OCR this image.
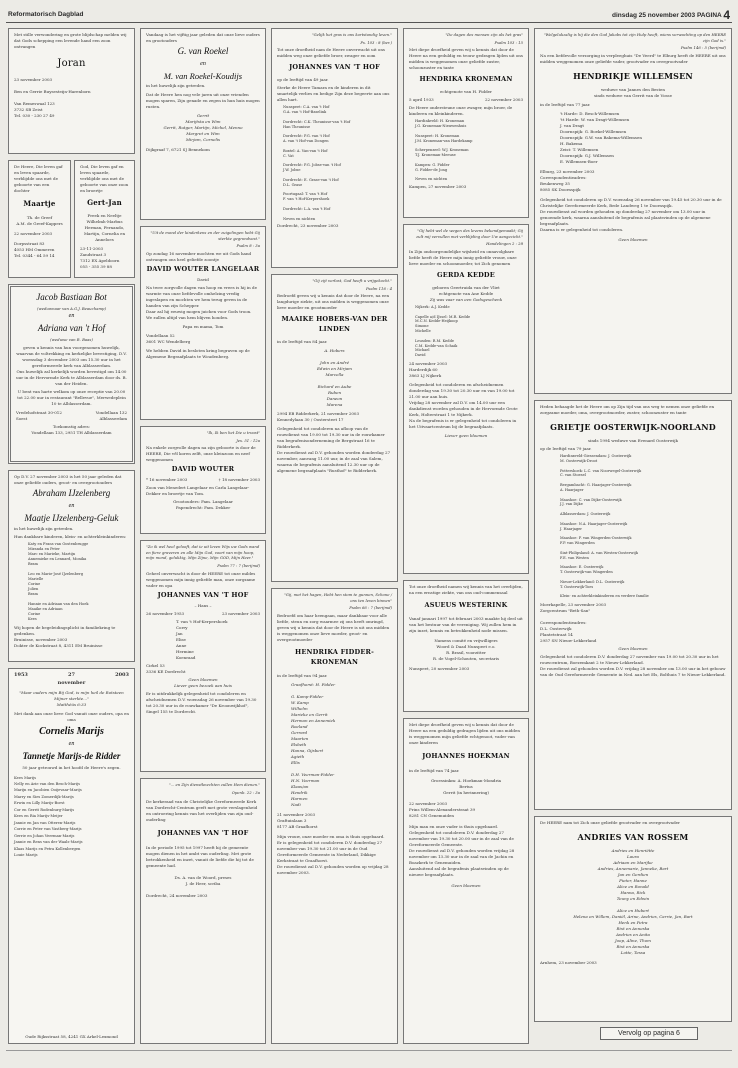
Reformatorisch Dagblad	dinsdag 25 november 2003 PAGINA 4
Met stille verwondering en grote blijdschap melden wij dat Gods schepping een levende hand een zoon ontvangen
Joran
23 november 2003
Ben en Gerrie Buysesteijn-Harenborn
Van Remeswaal 123
3732 SB Zeist
Tel. 030 - 230 27 49
De Heere, Die leven gaf en leven spaarde, verblijdde ons met de geboorte van een dochter
Maartje
Th. de Greef
A.M. de Greef-Kappers
22 november 2003
Dorpsstraat 83
4053 HM Ommeren
Tel. 0344 - 64 59 14
God, Die leven gaf en leven spaarde, verblijdde ons met de geboorte van onze zoon en broertje
Gert-Jan
Freek en Neeltje Wilhelmh-Marbus
Herman, Fernando, Martijn, Cornelia en Anneloes
23-11-2003
Zandstraat 3
7312 EX Apeldoorn
055 - 355 39 88
Jacob Bastiaan Bot
(weduwnaar van A.G.J. Beauchamp)
en
Adriana van 't Hof
(weduwe van R. Baas)
geven u kennis van hun voorgenomen huwelijk, waarvan de voltrekking en kerkelijke bevestiging, D.V. woensdag 3 december 2003 om 15.30 uur in het gereformeerde kerk van Alblasserdam.
Ons huwelijk zal kerkelijk worden bevestigd om 14.00 uur in de Hervormde Kerk te Alblasserdam door ds. B. van der Heiden.
U bent van harte welkom op onze receptie van 20.00 tot 22.00 uur in restaurant "Bellevue", Merwedeplein 10 te Alblasserdam.
Vredehofstraat 30-012
Soest
Vondellaan 132
Alblasserdam
Toekomstig adres:
Vondellaan 133, 2951 TH Alblasserdam
Op D.V. 27 november 2003 is het 50 jaar geleden dat onze geliefde ouders, groot- en overgrootouders
Abraham IJzelenberg
en
Maatje IJzelenberg-Geluk
in het huwelijk zijn getreden.
Hun dankbare kinderen, klein- en achterkleinkinderen:
Katy en Frans van Oostenbrugge
Miranda en Peter
Marc en Marieke, Martijn
Annemieke en Lennard, Monika
Bram

Leo en Marie-José IJzelenberg
Marielle
Corine
Jolien
Bram

Hannie en Adriaan van den Hoek
Maaike en Adriaan
Corine
Kees
Wij hopen de begeleidingsplicht in familiekring te gedenken.
Bruinisse, november 2003
Dokter de Kockstraat 8, 4311 EM Bruinisse
1953	27 november
2003
"Maar ouders mijn Bij God, is mijn heil de Rotsteen Mijner sterkte..."
Matthéüs 6:33
Met dank aan onze lieve God vanuit onze ouders, opa en oma
Cornelis Marijs
en
Tannetje Marijs-de Ridder
50 jaar getrouwd in het hoofd de Heere's zegen.
Kees Marijs
Nelly en Arie van den Besch-Marijs
Marijn en Jacobien Ooijevaar-Marijs
Marry en Sies Zomerdijk-Marijs
Erwin en Lilly Marijs-Borst
Cor en Gerrit Rodenburg-Marijs
Kees en Ria Marijs-Meijer
Jannie en Jan van Otteren-Marijs
Corrie en Peter van Vastberg-Marijs
Gerrie en Johan Veerman-Marijs
Jannie en Rens van der Waals-Marijs
Klaas Marijs en Petra Kollenbergen
Louie Marijs
Oude Rijksstraat 58, 4241 GX Arkel-Lexmond
Vandaag is het vijftig jaar geleden dat onze lieve ouders en grootouders
G. van Roekel
en
M. van Roekel-Koudijs
in het huwelijk zijn getreden.
Dat de Heere hen nog vele jaren uit onze vrienden mogen sparen, Zijn genade en zegen in hun huis mogen rusten.
Gerrit
Marijtsta en Wim
Gerrit, Rutger, Martijn, Michel, Menno
Margret en Wim
Mirjam, Cornelis
Dijkgraaf 7, 6721 SJ Bennekom
"Uit de mond der kinderkens en der zuigelingen hebt Gij sterkte gegrondvest."
Psalm 8 : 3a
Op zondag 16 november mochten we uit Gods hand ontvangen ons heel geliefde zoontje
DAVID WOUTER LANGELAAR
David
Na twee zorgvolle dagen van hoop en vrees is hij in de warmte van onze liefdevolle omhelzing vredig ingeslapen en mochten we hem terug geven in de handen van zijn Schepper.
Daar zal hij eeuwig mogen juichen voor Gods troon.
We zullen altijd van hem blijven houden.
Papa en mama, Tom
Vondellaan 52
3601 WC Wendelberg
We hebben David in besloten kring begraven op de Algemene Begraafplaats te Woudenberg.
"Ik, Ik ben het Die u troost"
Jes. 51 : 12a
Na enkele zorgvolle dagen na zijn geboorte is door de HEERE, Die vêl koren zelft, onze kleinzoon en neef weggenomen
DAVID WOUTER
* 16 november 2003	† 18 november 2003
Zoon van Menedert Langelaar en Carla Langelaar-Dekker en broertje van Tom.
Grootouders: Fam. Langelaar
Papendrecht: Fam. Dekker
"Zo ik wel heel gelooft, dat ie uit leven Wijs uw Gods wand en fiere graveren en alle Mijn God, voort van mijn hoop, mijn mond, gelukkig, Mijn Zijne, Mijn GOD, Mijn Heer."
Psalm 77 : 7 (berijmd)
Geheel onverwacht is door de HEERE tot onze mildes weggenomen mijn innig geliefde man, onze zorgzame vader en opa
JOHANNES VAN 'T HOF
– Hans –
26 november 1953	23 november 2003
T. van 't Hof-Kerpershoek
Corry
Jan
Elise
Anne
Hermine
Koenraad
Cirkel 53
3336 KE Dordrecht
Geen bloemen
Liever geen bezoek aan huis
Er is uitdrukkelijk gelegenheid tot condoleren en afscheidnemen D.V. woensdag 26 november van 19.30 tot 20.30 uur in de rouwkamer "De Kroonwijkhof", Singel 155 te Dordrecht.
"... en Zijn dienstknechten zullen Hem dienen."
Openb. 22 : 3a
De kerkeraad van de Christelijke Gereformeerde Kerk van Dordrecht-Centrum geeft met grote verslagenheid en ontroering kennis van het overlijden van zijn oud-ouderling
JOHANNES VAN 'T HOF
In de periode 1995 tot 1997 heeft hij de gemeente mogen dienen in het ambt van ouderling. Met grote betrokkenheid en inzet, vanuit de liefde die hij tot de gemeente had.
Ds. A. van de Woord, preses
J. de Heer, scriba
Dordrecht, 24 november 2003
"Gelijk het gras is ons kortstondig leven."
Ps. 103 : 8 (ber.)
Tot onze droefheid nam de Heere onverwacht uit ons midden weg onze geliefde broer, zwager en oom
JOHANNES VAN 'T HOF
op de leeftijd van 49 jaar.
Sterke de Heere Tamara en de kinderen in dit smartelijk verlies en bedige Zijn deze begeerte aan ons allen hart.
Nunspeet: C.A. van 't Hof
G.A. van 't Hof-Baselink

Dordrecht: C.K. Theunisse-van 't Hof
Han Theunisse

Dordrecht: P.G. van 't Hof
A. van 't Hof-van Dongen

Boxtel: A. Van-van 't Hof
C. Vat

Dordrecht: P.G. Jobse-van 't Hof
J.W. Jobse

Dordrecht: E. Grase-van 't Hof
D.L. Grase

Poortugaal: T. van 't Hof
F. van 't Hof-Kerpershoek

Dordrecht: L.A. van 't Hof

Neven en nichten
Dordrecht, 23 november 2003
"Gij zijt verlost, God heeft u vrijgekocht."
Psalm 116 : 4
Bedroefd geven wij u kennis dat door de Heere, na een langdurige ziekte, uit ons midden is weggenomen onze lieve moeder en grootmoeder
MAAIKE HOBERS-VAN DER LINDEN
in de leeftijd van 84 jaar.
A. Hobers

John en André
Edwin en Mirjam
Marcella

Richard en Aube
Ruben
Daneon
Marena
2994 EB Ridderkerk, 21 november 2003
Kennedylaan 30 / Oostersteet 17
Gelegenheid tot condoleren na afloop van de rouwdienst van 19.00 tot 19.30 uur in de rouwkamer van begrafenisonderneming de Bergstraat 16 te Ridderkerk.
De rouwdienst zal D.V. gehouden worden donderdag 27 november, aanvang 11.00 uur, in de zaal van Salem, waarna de begrafenis aansluitend 12.30 uur op de algemene begraafplaats "Rusthof" te Ridderkerk.
"Gij, met het hagen, Hebt hen stom te gunnen, Schone / ons ten leven binnen"
Psalm 66 : 7 (berijmd)
Bedroefd om haar heengaan, maar dankbaar voor alle liefde, steun en zorg waarmee zij ons heeft omringd, geven wij u kennis dat door de Heere is uit ons midden is weggenomen onze lieve moeder, groot- en overgrootmoeder
HENDRIKA FIDDER-KRONEMAN
in de leeftijd van 94 jaar.
Graafhorst: H. Fidder

G. Kamp-Fidder
W. Kamp
Wilhelm
Marieke en Gerrit
Herman en Annemiek
Roeland
Gerrard
Maarten
Elsbeth
Hanna, Gijsbert
Agieth
Ellis

D.H. Veerman-Fidder
H.N. Veerman
Klaas/an
Hendrik
Harmen
Nadi
21 november 2003
Graftuinlaan 3
8177 AB Graafhorst
Mijn vrouw, onze moeder en oma is thuis opgebaard.
Er is gelegenheid tot condoleren D.V. donderdag 27 november van 19.30 tot 21.00 uur in de Oud Gereformeerde Gemeente in Nederland, Dikkige Kerkstraat te Graafhorst.
De rouwdienst zal D.V. gehouden worden op vrijdag 28 november 2003.
"De dagen des mensen zijn als het gras"
Psalm 103 : 15
Met diepe droefheid geven wij u kennis dat door de Heere na een geduldig en trouw gedragen lijden uit ons midden is weggenomen onze geliefde zuster, schoonzuster en tante
HENDRIKA KRONEMAN
echtgenote van H. Fidder
5 april 1933	22 november 2003
De Heere ondersteune onze zwager, mijn broer, de kinderen en kleinkinderen.
Hardinkveld: H. Kroneman
J.G. Kroneman-Nieuwenhuis

Nunspeet: H. Kroneman
J.M. Kroneman-van Hardekamp

Scherpenzeel: W.J. Kroneman
T.J. Kroneman-Meeuse

Kampen: G. Fidder
G. Fidder-de Jong

Neven en nichten
Kampen, 27 november 2003
"Gij hebt wel de wegen des levens bekendgemaakt; Gij zult mij vervullen met verblijding door Uw aangezicht."
Handelingen 2 : 28
In Zijn ondoorgrondelijke wijsheid en onnavolgbare liefde heeft de Heere mijn innig geliefde vrouw, onze lieve moeder en schoonmoeder, tot Zich genomen
GERDA KEDDE
geboren Geertruida van der Vliet
echtgenote van Ane Kedde
Zij was vaar van een Godsgeschenk
Nijkerk: A.J. Kedde

Capelle a/d IJssel: M.R. Kedde
M.C.N. Kedde-Heijkoop
Simone
Michelle

Leusden: R.M. Kedde
C.M. Kedde-van Schaik
Michael
David
24 november 2003
Harderdijk 60
3863 LJ Nijkerk
Gelegenheid tot condoleren en afscheidnemen donderdag van 19.30 tot 20.30 uur en van 19.00 tot 21.00 uur aan huis.
Vrijdag 28 november zal D.V. om 14.00 uur een dankdienst worden gehouden in de Hervormde Grote Kerk, Holterstraat 1 te Nijkerk.
Na de begrafenis is er gelegenheid tot condoleren in het Uitvaartcentrum bij de begraafplaats.
Liever geen bloemen
Tot onze droefheid namen wij kennis van het overlijden, na een ernstige ziekte, van ons oud-commensaal
ASUEUS WESTERINK
Vanaf januari 1997 tot februari 2003 maakte hij deel uit van het bestuur van de vereniging. Wij zullen hem in zijn inzet, kennis en betrokkenheid node missen.
Namens comité en vrijwilligers
Woord & Daad Nunspeet e.o.
R. Brasil, voorzitter
R. de Vogel-Schouten, secretaris
Nunspeet, 20 november 2003
Met diepe droefheid geven wij u kennis dat door de Heere na een geduldig gedragen lijden uit ons midden is weggenomen mijn geliefde echtgenoot, vader van onze kinderen
JOHANNES HOEKMAN
in de leeftijd van 74 jaar.
Groessinkm: A. Hoekman-Mondria
Bertus
Gerrit (in herinnering)
22 november 2003
Prins Willem-Alexanderstraat 39
8281 CN Genemuiden
Mijn man en onze vader is thuis opgebaard.
Gelegenheid tot condoleren D.V. donderdag 27 november van 19.30 tot 20.00 uur in de zaal van de Gereformeerde Gemeente.
De rouwdienst zal D.V. gehouden worden vrijdag 28 november om 13.30 uur in de zaal van de Jachin en Boazkerk te Genemuiden.
Aansluitend zal de begrafenis plaatsvinden op de nieuwe begraafplaats.
Geen bloemen
"Welgelukzalig is hij die den God Jakobs tot zijn Hulp heeft, wiens verwachting op den HEERE zijn God is."
Psalm 146 : 5 (berijmd)
Na een liefdevolle verzorging in verpleeghuis "De Veerd" te Elburg heeft de HEERE uit ons midden weggenomen onze geliefde vader, grootvader en overgrootvader
HENDRIKJE WILLEMSEN
weduwe van Jannes den Besten
sinds weduwe van Gerrit van de Vosse
in de leeftijd van 77 jaar.
't Harde: D. Besch-Willemsen
'tt Harde: W. van Dragt-Willemsen
J. van Dragt
Doornspijk: G. Boekel-Willemsen
Doornspijk: G.W. van Bakema-Willemsen
H. Bakema
Zeist: T. Willemsen
Doornspijk: G.J. Willemsen
E. Willemsen-Boer
Elburg, 23 november 2003
Correspondentieadres:
Beukenweg 35
8085 SK Doornspijk
Gelegenheid tot condoleren op D.V. woensdag 26 november van 19.45 tot 20.30 uur in de Christelijke Gereformeerde Kerk, Bede Landweg 1 te Doornspijk.
De rouwdienst zal worden gehouden op donderdag 27 november om 13.00 uur in genoemde kerk, waarna aansluitend de begrafenis zal plaatsvinden op de algemene begraafplaats.
Daarna is er gelegenheid tot condoleren.
Geen bloemen
Heden behaagde het de Heere om op Zijn tijd van ons weg te nemen onze geliefde en zorgzame moeder, oma, overgrootmoeder, zuster, schoonzuster en tante
GRIETJE OOSTERWIJK-NOORLAND
sinds 1994 weduwe van Evenard Oosterwijk
op de leeftijd van 79 jaar.
Hardinxveld-Giessendam: J. Oosterwijk
M. Oosterwijk-Droot

Pottershoek: L.C. van Noorwegel-Oosterwijk
C. van Stoesel

Bergambacht: G. Haarjager-Oosterwijk
A. Haarjager

Maashoe: C. van Dijke-Oosterwijk
J.J. van Dijke

Alblasserdam: J. Oosterwijk

Maashoe: N.A. Haarjager-Oosterwijk
J. Haarjager

Maashoe: F. van Wingerden-Oosterwijk
F.P. van Wingerden

Sint-Philipsland: A. van Westen-Oosterwijk
F.E. van Westen

Maashoe: E. Oosterwijk
T. Oosterwijk-van Wingerden

Nieuw-Lekkerland: D.L. Oosterwijk
T. Oosterwijk-Toes

Klein- en achterkleinkinderen en verdere familie
Moerkapelle, 23 november 2003
Zorgcentrum "Beth-San"

Correspondentieadres:
D.L. Oosterwijk
Plantetstraat 14
2957 SN Nieuw-Lekkerland
Geen bloemen
Gelegenheid tot condoleren D.V. donderdag 27 november van 19.00 tot 20.30 uur in het rouwcentrum, Boezemkant 2 te Nieuw-Lekkerland.
De rouwdienst zal gehouden worden D.V. vrijdag 28 november om 13.00 uur in het gebouw van de Oud Gereformeerde Gemeente in Ned. aan het Els, Bolthuis 7 te Nieuw-Lekkerland.
De HEERE nam tot Zich onze geliefde grootvader en overgrootvader
ANDRIES VAN ROSSEM
Andries en Henriëtte
Laura
Adriaan en Marijke
Andries, Annemarie, Janneke, Bart
Jan en Gerdien
Pieter, Hanne
Alice en Ronald
Hanna, Rick
Teuny en Edwin

Alice en Hubert
Helena en Willem, Daniël, Arine, Andries, Carrie, Jan, Bart
Henk en Petra
Rixt en Anneska
Andries en Anita
Joop, Aline, Thom
Rixt en Anneska
Lotte, Tessa
Arnhem, 23 november 2003
Vervolg op pagina 6
